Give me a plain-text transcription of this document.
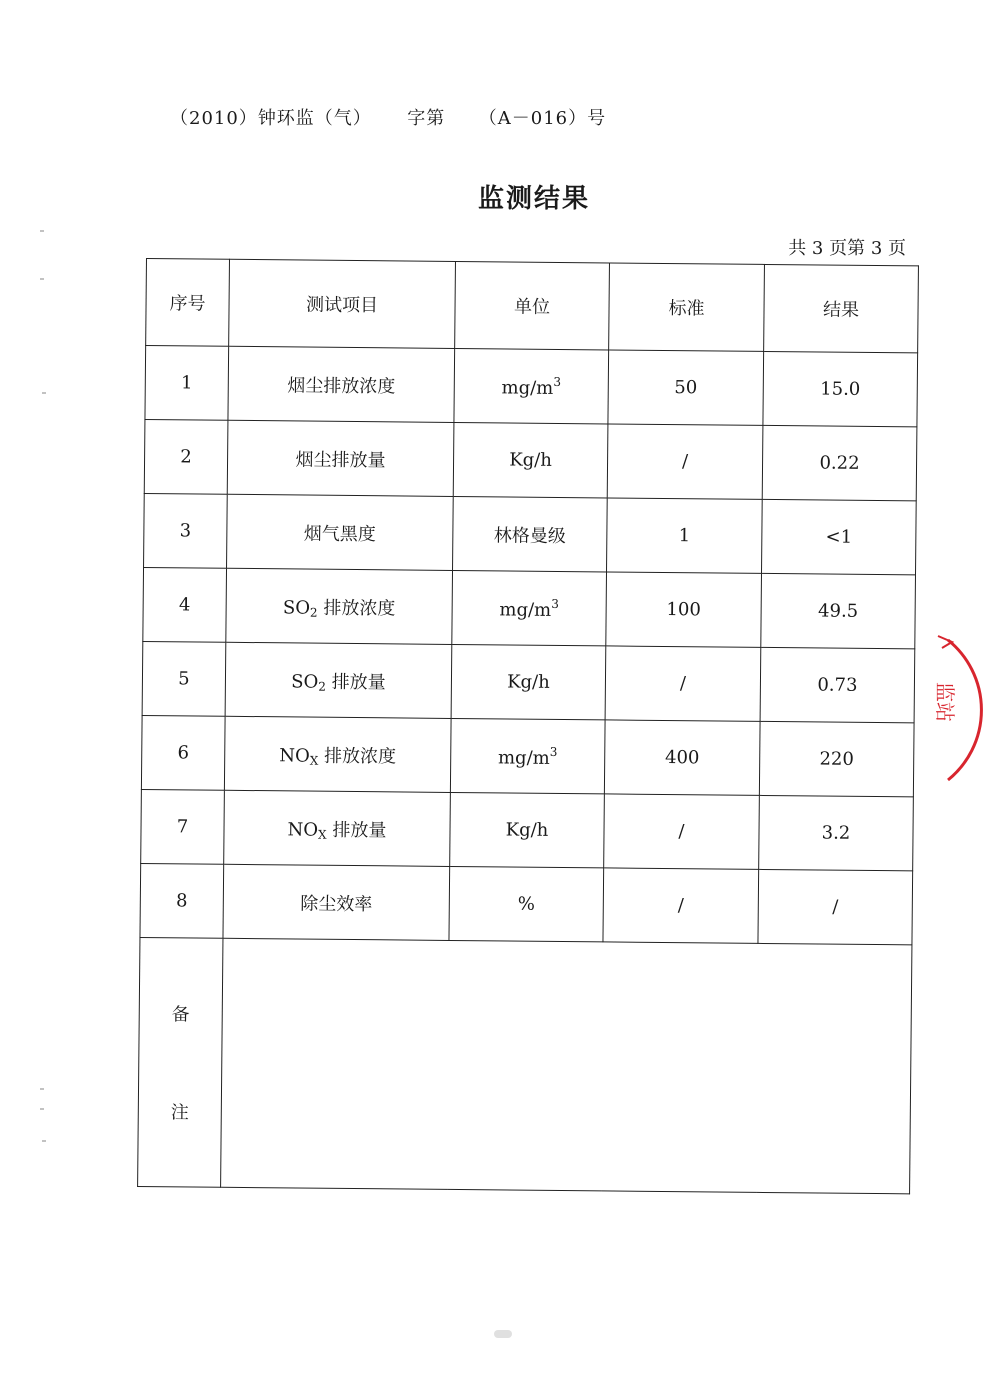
（2010）钟环监（气） 字第 （A－016）号
监测结果
共 3 页第 3 页
序号	测试项目	单位	标准	结果
1	烟尘排放浓度	$mg/m^3$	50	15.0
2	烟尘排放量	Kg/h	/	0.22
3	烟气黑度	林格曼级	1	<1
4	$SO_2$ 排放浓度	$mg/m^3$	100	49.5
5	$SO_2$ 排放量	Kg/h	/	0.73
6	$NO_X$ 排放浓度	$mg/m^3$	400	220
7	$NO_X$ 排放量	Kg/h	/	3.2
8	除尘效率	%	/	/

备
注				

监站
